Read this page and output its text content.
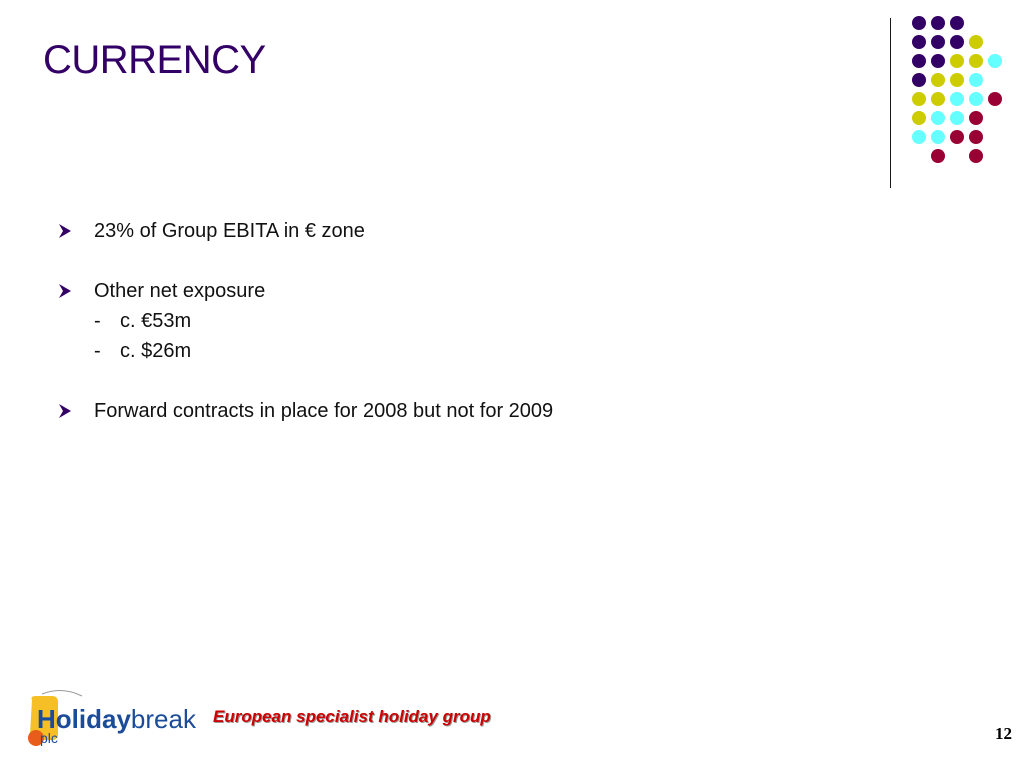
CURRENCY
23% of Group EBITA in € zone
Other net exposure
- c. €53m
- c. $26m
Forward contracts in place for 2008 but not for 2009
Holidaybreak
plc
European specialist holiday group
12
